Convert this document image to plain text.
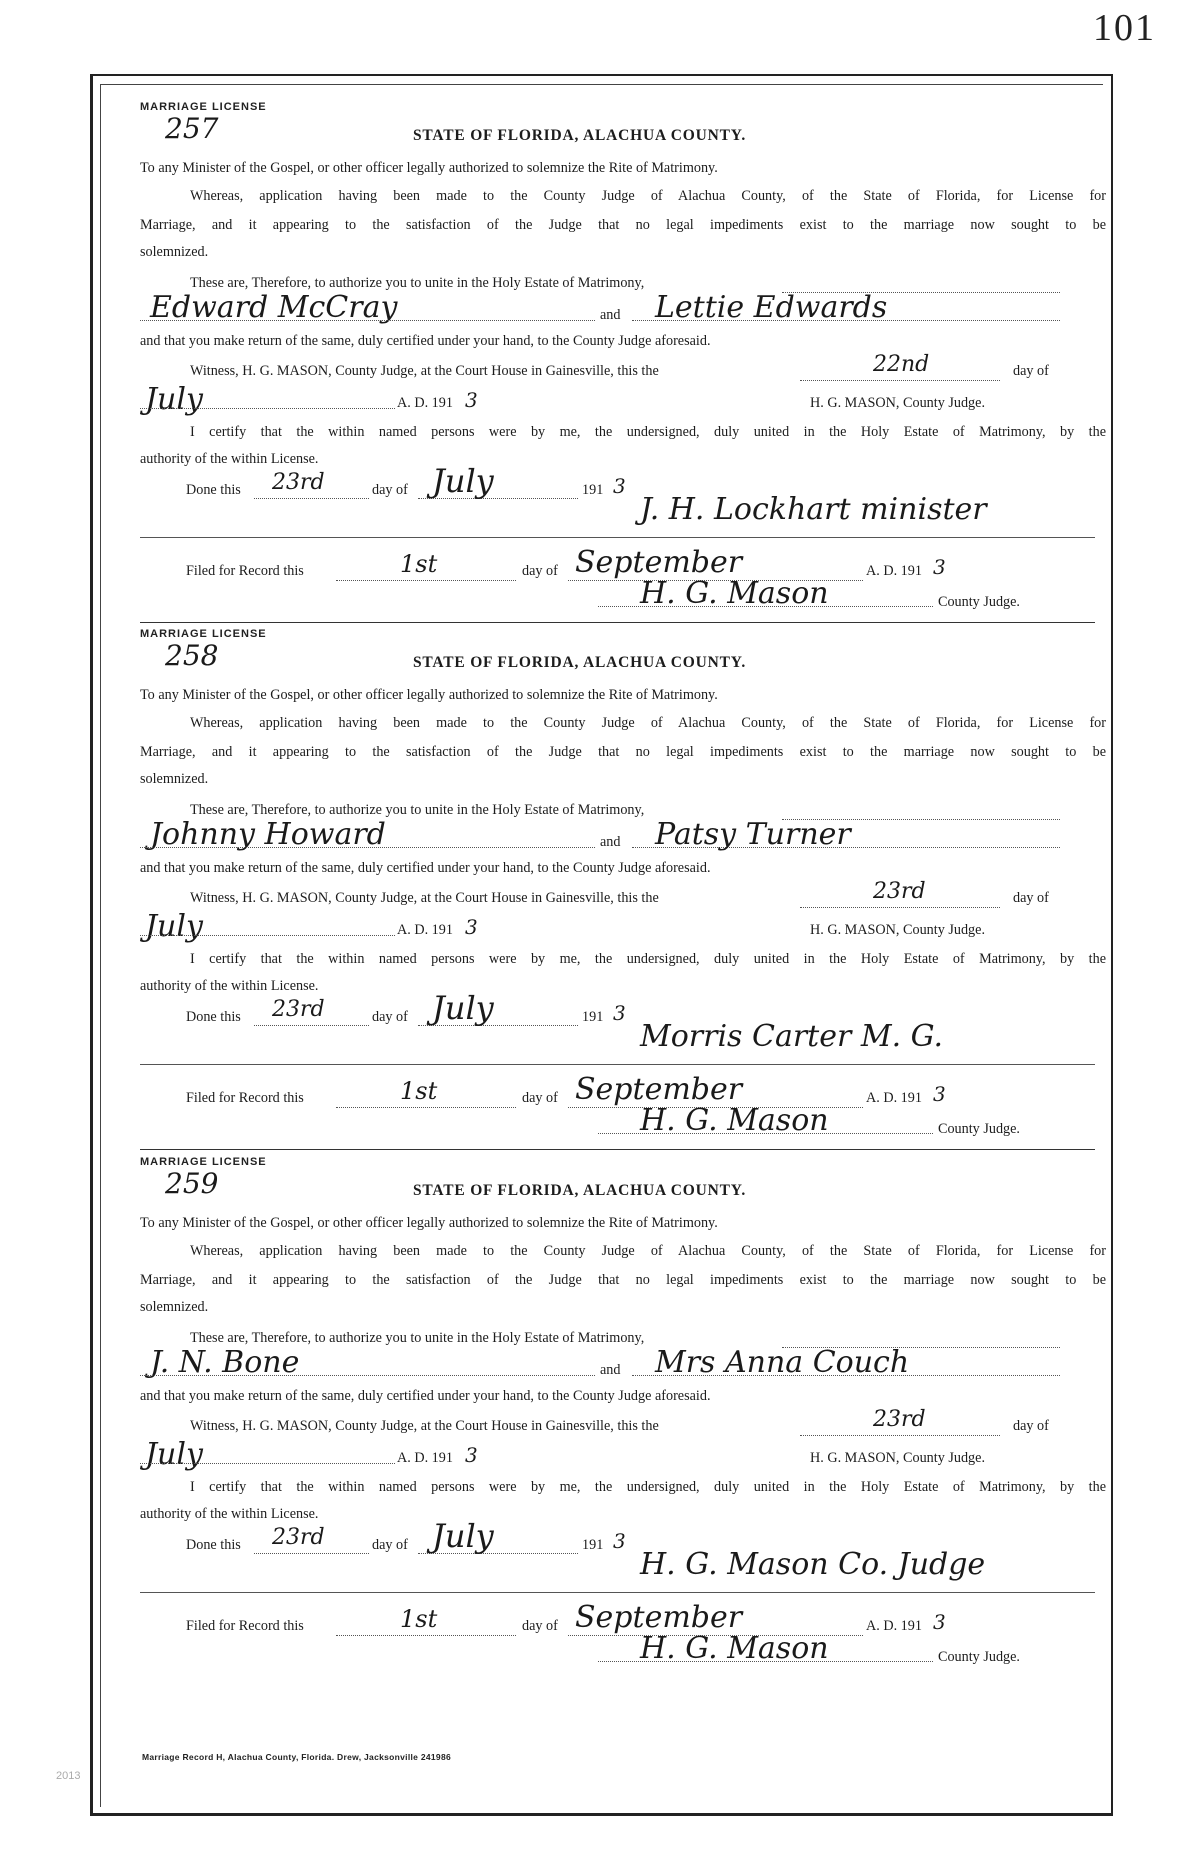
101
MARRIAGE LICENSE
257	STATE OF FLORIDA, ALACHUA COUNTY.
To any Minister of the Gospel, or other officer legally authorized to solemnize the Rite of Matrimony.
Whereas, application having been made to the County Judge of Alachua County, of the State of Florida, for License for
Marriage, and it appearing to the satisfaction of the Judge that no legal impediments exist to the marriage now sought to be
solemnized.
These are, Therefore, to authorize you to unite in the Holy Estate of Matrimony,
Edward McCray	and Lettie Edwards
and that you make return of the same, duly certified under your hand, to the County Judge aforesaid.
Witness, H. G. MASON, County Judge, at the Court House in Gainesville, this the	22nd	day of
July	A. D. 191 3	H. G. MASON, County Judge.
I certify that the within named persons were by me, the undersigned, duly united in the Holy Estate of Matrimony, by the
authority of the within License.
Done this 23rd	day of July	191 3
J. H. Lockhart minister
Filed for Record this	1st	day of September	A. D. 191 3
H. G. Mason	County Judge.
MARRIAGE LICENSE
258	STATE OF FLORIDA, ALACHUA COUNTY.
To any Minister of the Gospel, or other officer legally authorized to solemnize the Rite of Matrimony.
Whereas, application having been made to the County Judge of Alachua County, of the State of Florida, for License for
Marriage, and it appearing to the satisfaction of the Judge that no legal impediments exist to the marriage now sought to be
solemnized.
These are, Therefore, to authorize you to unite in the Holy Estate of Matrimony,
Johnny Howard	and Patsy Turner
and that you make return of the same, duly certified under your hand, to the County Judge aforesaid.
Witness, H. G. MASON, County Judge, at the Court House in Gainesville, this the	23rd	day of
July	A. D. 191 3	H. G. MASON, County Judge.
I certify that the within named persons were by me, the undersigned, duly united in the Holy Estate of Matrimony, by the
authority of the within License.
Done this 23rd	day of July	191 3
Morris Carter M. G.
Filed for Record this	1st	day of September	A. D. 191 3
H. G. Mason	County Judge.
MARRIAGE LICENSE
259	STATE OF FLORIDA, ALACHUA COUNTY.
To any Minister of the Gospel, or other officer legally authorized to solemnize the Rite of Matrimony.
Whereas, application having been made to the County Judge of Alachua County, of the State of Florida, for License for
Marriage, and it appearing to the satisfaction of the Judge that no legal impediments exist to the marriage now sought to be
solemnized.
These are, Therefore, to authorize you to unite in the Holy Estate of Matrimony,
J. N. Bone	and Mrs Anna Couch
and that you make return of the same, duly certified under your hand, to the County Judge aforesaid.
Witness, H. G. MASON, County Judge, at the Court House in Gainesville, this the	23rd	day of
July	A. D. 191 3	H. G. MASON, County Judge.
I certify that the within named persons were by me, the undersigned, duly united in the Holy Estate of Matrimony, by the
authority of the within License.
Done this 23rd	day of July	191 3
H. G. Mason Co. Judge
Filed for Record this	1st	day of September	A. D. 191 3
H. G. Mason	County Judge.
Marriage Record H, Alachua County, Florida. Drew, Jacksonville 241986
2013
